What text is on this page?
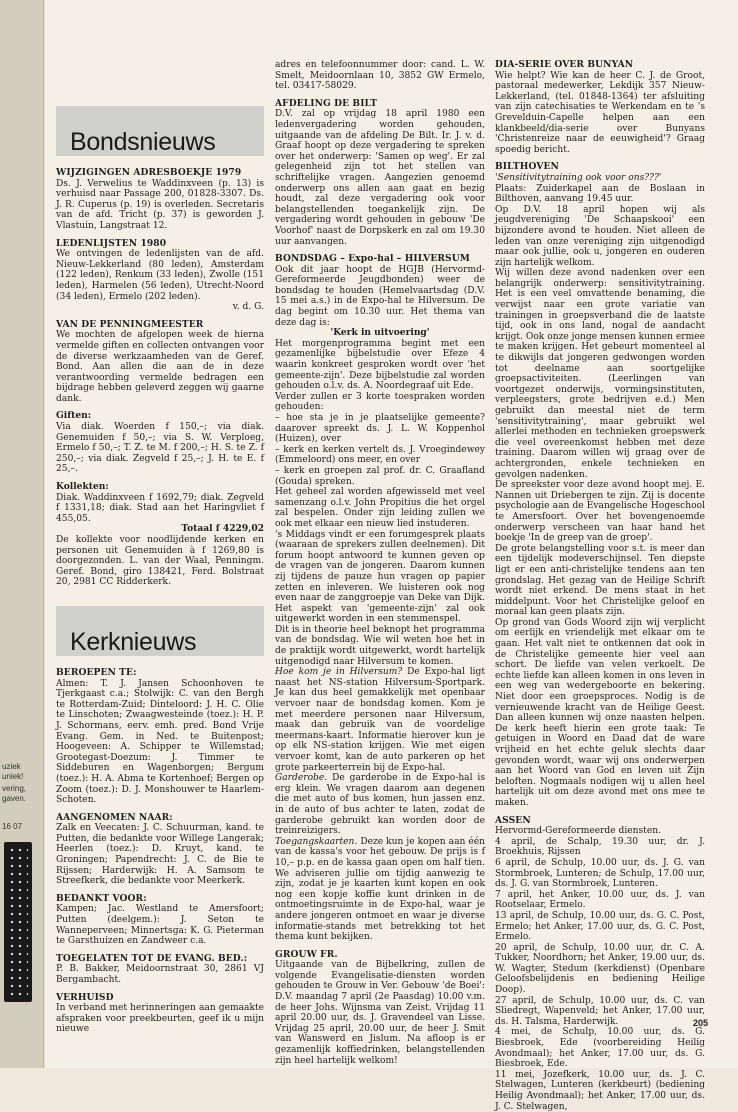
uziek
uniek!
vering,
gaven.
16 07
Bondsnieuws
WIJZIGINGEN ADRESBOEKJE 1979

Ds. J. Verwelius te Waddinxveen (p. 13) is verhuisd naar Passage 200, 01828-3307. Ds. J. R. Cuperus (p. 19) is overleden. Secretaris van de afd. Tricht (p. 37) is geworden J. Vlastuin, Langstraat 12.

LEDENLIJSTEN 1980

We ontvingen de ledenlijsten van de afd. Nieuw-Lekkerland (80 leden), Amsterdam (122 leden), Renkum (33 leden), Zwolle (151 leden), Harmelen (56 leden), Utrecht-Noord (34 leden), Ermelo (202 leden).

v. d. G.

VAN DE PENNINGMEESTER

We mochten de afgelopen week de hierna vermelde giften en collecten ontvangen voor de diverse werkzaamheden van de Geref. Bond. Aan allen die aan de in deze verantwoording vermelde bedragen een bijdrage hebben geleverd zeggen wij gaarne dank.

Giften:

Via diak. Woerden f 150,–; via diak. Genemuiden f 50,–; via S. W. Verploeg, Ermelo f 50,–; T. Z. te M. f 200,–; H. S. te Z. f 250,–; via diak. Zegveld f 25,–; J. H. te E. f 25,–.

Kollekten:

Diak. Waddinxveen f 1692,79; diak. Zegveld f 1331,18; diak. Stad aan het Haringvliet f 455,05.

Totaal f 4229,02

De kollekte voor noodlijdende kerken en personen uit Genemuiden à f 1269,80 is doorgezonden. L. van der Waal, Penningm. Geref. Bond, giro 138421, Ferd. Bolstraat 20, 2981 CC Ridderkerk.

Kerknieuws
BEROEPEN TE:

Almen: T. J. Jansen Schoonhoven te Tjerkgaast c.a.; Stolwijk: C. van den Bergh te Rotterdam-Zuid; Dinteloord: J. H. C. Olie te Linschoten; Zwaagwesteinde (toez.): H. P. J. Schormans, eerv. emh. pred. Bond Vrije Evang. Gem. in Ned. te Buitenpost; Hoogeveen: A. Schipper te Willemstad; Grootegast-Doezum: J. Timmer te Siddeburen en Wagenborgen; Bergum (toez.): H. A. Abma te Kortenhoef; Bergen op Zoom (toez.): D. J. Monshouwer te Haarlem-Schoten.

AANGENOMEN NAAR:

Zalk en Veecaten: J. C. Schuurman, kand. te Putten, die bedankte voor Willege Langerak; Heerlen (toez.): D. Kruyt, kand. te Groningen; Papendrecht: J. C. de Bie te Rijssen; Harderwijk: H. A. Samsom te Streefkerk, die bedankte voor Meerkerk.

BEDANKT VOOR:

Kampen; Jac. Westland te Amersfoort; Putten (deelgem.): J. Seton te Wanneperveen; Minnertsga: K. G. Pieterman te Garsthuizen en Zandweer c.a.

TOEGELATEN TOT DE EVANG. BED.:

P. B. Bakker, Meidoornstraat 30, 2861 VJ Bergambacht.

VERHUISD

In verband met herinneringen aan gemaakte afspraken voor preekbeurten, geef ik u mijn nieuwe

adres en telefoonnummer door: cand. L. W. Smelt, Meidoornlaan 10, 3852 GW Ermelo, tel. 03417-58029.

AFDELING DE BILT

D.V. zal op vrijdag 18 april 1980 een ledenvergadering worden gehouden, uitgaande van de afdeling De Bilt. Ir. J. v. d. Graaf hoopt op deze vergadering te spreken over het onderwerp: 'Samen op weg'. Er zal gelegenheid zijn tot het stellen van schriftelijke vragen. Aangezien genoemd onderwerp ons allen aan gaat en bezig houdt, zal deze vergadering ook voor belangstellenden toegankelijk zijn. De vergadering wordt gehouden in gebouw 'De Voorhof' naast de Dorpskerk en zal om 19.30 uur aanvangen.

BONDSDAG – Expo-hal – HILVERSUM

Ook dit jaar hoopt de HGJB (Hervormd-Gereformeerde Jeugdbonden) weer de bondsdag te houden (Hemelvaartsdag (D.V. 15 mei a.s.) in de Expo-hal te Hilversum. De dag begint om 10.30 uur. Het thema van deze dag is:

'Kerk in uitvoering'

Het morgenprogramma begint met een gezamenlijke bijbelstudie over Efeze 4 waarin konkreet gesproken wordt over 'het gemeente-zijn'. Deze bijbelstudie zal worden gehouden o.l.v. ds. A. Noordegraaf uit Ede.

Verder zullen er 3 korte toespraken worden gehouden:

– hoe sta je in je plaatselijke gemeente? daarover spreekt ds. J. L. W. Koppenhol (Huizen), over

– kerk en kerken vertelt ds. J. Vroegindewey (Emmeloord) ons meer, en over

– kerk en groepen zal prof. dr. C. Graafland (Gouda) spreken.

Het geheel zal worden afgewisseld met veel samenzang o.l.v. John Propitius die het orgel zal bespelen. Onder zijn leiding zullen we ook met elkaar een nieuw lied instuderen.

's Middags vindt er een forumgesprek plaats (waaraan de sprekers zullen deelnemen). Dit forum hoopt antwoord te kunnen geven op de vragen van de jongeren. Daarom kunnen zij tijdens de pauze hun vragen op papier zetten en inleveren. We luisteren ook nog even naar de zanggroepje van Deke van Dijk. Het aspekt van 'gemeente-zijn' zal ook uitgewerkt worden in een stemmenspel.

Dit is in theorie heel beknopt het programma van de bondsdag. Wie wil weten hoe het in de praktijk wordt uitgewerkt, wordt hartelijk uitgenodigd naar Hilversum te komen.

Hoe kom je in Hilversum? De Expo-hal ligt naast het NS-station Hilversum-Sportpark. Je kan dus heel gemakkelijk met openbaar vervoer naar de bondsdag komen. Kom je met meerdere personen naar Hilversum, maak dan gebruik van de voordelige meermans-kaart. Informatie hierover kun je op elk NS-station krijgen. Wie met eigen vervoer komt, kan de auto parkeren op het grote parkeerterrein bij de Expo-hal.

Garderobe. De garderobe in de Expo-hal is erg klein. We vragen daarom aan degenen die met auto of bus komen, hun jassen enz. in de auto of bus achter te laten, zodat de garderobe gebruikt kan worden door de treinreizigers.

Toegangskaarten. Deze kun je kopen aan één van de kassa's voor het gebouw. De prijs is f 10,– p.p. en de kassa gaan open om half tien. We adviseren jullie om tijdig aanwezig te zijn, zodat je je kaarten kunt kopen en ook nog een kopje koffie kunt drinken in de ontmoetingsruimte in de Expo-hal, waar je andere jongeren ontmoet en waar je diverse informatie-stands met betrekking tot het thema kunt bekijken.

GROUW FR.

Uitgaande van de Bijbelkring, zullen de volgende Evangelisatie-diensten worden gehouden te Grouw in Ver. Gebouw 'de Boei': D.V. maandag 7 april (2e Paasdag) 10.00 v.m. de heer Johs. Wijnsma van Zeist. Vrijdag 11 april 20.00 uur, ds. J. Gravendeel van Lisse. Vrijdag 25 april, 20.00 uur, de heer J. Smit van Wanswerd en Jislum. Na afloop is er gezamenlijk koffiedrinken, belangstellenden zijn heel hartelijk welkom!

DIA-SERIE OVER BUNYAN

Wie helpt? Wie kan de heer C. J. de Groot, pastoraal medewerker, Lekdijk 357 Nieuw-Lekkerland, (tel. 01848-1364) ter afsluiting van zijn catechisaties te Werkendam en te 's Grevelduin-Capelle helpen aan een klankbeeld/dia-serie over Bunyans 'Christenreize naar de eeuwigheid'? Graag spoedig bericht.

BILTHOVEN

'Sensitivitytraining ook voor ons???'

Plaats: Zuiderkapel aan de Boslaan in Bilthoven, aanvang 19.45 uur.

Op D.V. 18 april hopen wij als jeugdvereniging 'De Schaapskooi' een bijzondere avond te houden. Niet alleen de leden van onze vereniging zijn uitgenodigd maar ook jullie, ook u, jongeren en ouderen zijn hartelijk welkom.

Wij willen deze avond nadenken over een belangrijk onderwerp: sensitivitytraining. Het is een veel omvattende benaming, die verwijst naar een grote variatie van trainingen in groepsverband die de laatste tijd, ook in ons land, nogal de aandacht krijgt. Ook onze jonge mensen kunnen ermee te maken krijgen. Het gebeurt momenteel al te dikwijls dat jongeren gedwongen worden tot deelname aan soortgelijke groepsactiviteiten. (Leerlingen van voortgezet onderwijs, vormingsinstituten, verpleegsters, grote bedrijven e.d.) Men gebruikt dan meestal niet de term 'sensitivitytraining', maar gebruikt wel allerlei methoden en technieken groepswerk die veel overeenkomst hebben met deze training. Daarom willen wij graag over de achtergronden, enkele technieken en gevolgen nadenken.

De spreekster voor deze avond hoopt mej. E. Nannen uit Driebergen te zijn. Zij is docente psychologie aan de Evangelische Hogeschool te Amersfoort. Over het bovengenoemde onderwerp verscheen van haar hand het boekje 'In de greep van de groep'.

De grote belangstelling voor s.t. is meer dan een tijdelijk modeverschijnsel. Ten diepste ligt er een anti-christelijke tendens aan ten grondslag. Het gezag van de Heilige Schrift wordt niet erkend. De mens staat in het middelpunt. Voor het Christelijke geloof en moraal kan geen plaats zijn.

Op grond van Gods Woord zijn wij verplicht om eerlijk en vriendelijk met elkaar om te gaan. Het valt niet te ontkennen dat ook in de Christelijke gemeente hier veel aan schort. De liefde van velen verkoelt. De echte liefde kan alleen komen in ons leven in een weg van wedergeboorte en bekering. Niet door een groepsproces. Nodig is de vernieuwende kracht van de Heilige Geest. Dan alleen kunnen wij onze naasten helpen. De kerk heeft hierin een grote taak: Te getuigen in Woord en Daad dat de ware vrijheid en het echte geluk slechts daar gevonden wordt, waar wij ons onderwerpen aan het Woord van God en leven uit Zijn beloften. Nogmaals nodigen wij u allen heel hartelijk uit om deze avond met ons mee te maken.

ASSEN

Hervormd-Gereformeerde diensten.

4 april, de Schalp, 19.30 uur, dr. J. Broekhuis, Rijssen

6 april, de Schulp, 10.00 uur, ds. J. G. van Stormbroek, Lunteren; de Schulp, 17.00 uur, ds. J. G. van Stormbroek, Lunteren.

7 april, het Anker, 10.00 uur, ds. J. van Rootselaar, Ermelo.

13 april, de Schulp, 10.00 uur, ds. G. C. Post, Ermelo; het Anker, 17.00 uur, ds. G. C. Post, Ermelo.

20 april, de Schulp, 10.00 uur, dr. C. A. Tukker, Noordhorn; het Anker, 19.00 uur, ds. W. Wagter, Stedum (kerkdienst) (Openbare Geloofsbelijdenis en bediening Heilige Doop).

27 april, de Schulp, 10.00 uur, ds. C. van Sliedregt, Wapenveld; het Anker, 17.00 uur, ds. H. Talsma, Harderwijk.

4 mei, de Schulp, 10.00 uur, ds. G. Biesbroek, Ede (voorbereiding Heilig Avondmaal); het Anker, 17.00 uur, ds. G. Biesbroek, Ede.

11 mei, Jozefkerk, 10.00 uur, ds. J. C. Stelwagen, Lunteren (kerkbeurt) (bediening Heilig Avondmaal); het Anker, 17.00 uur, ds. J. C. Stelwagen,

205
